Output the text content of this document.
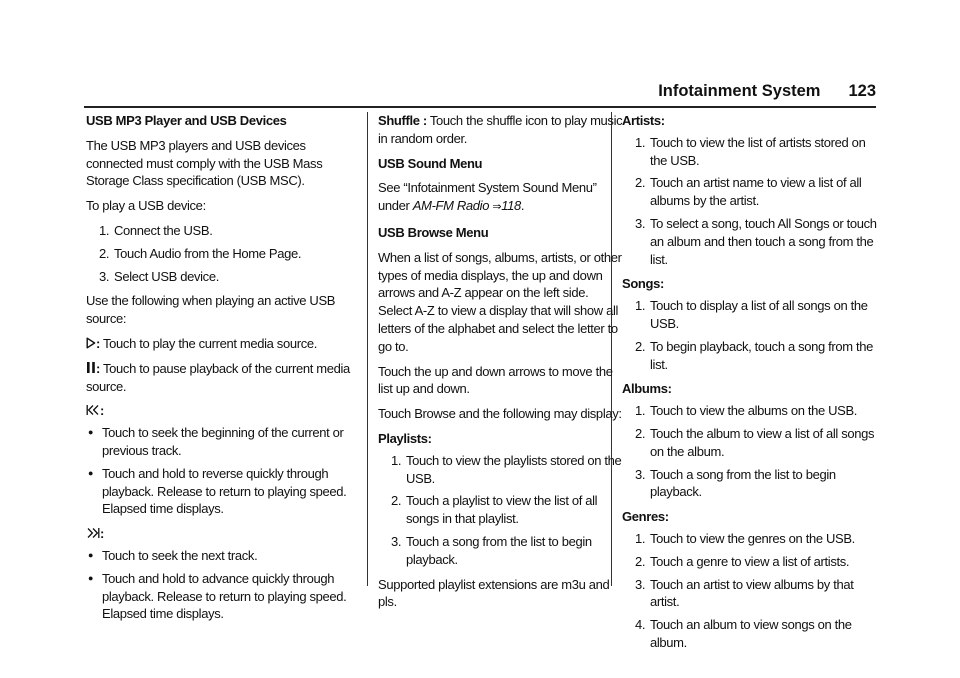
Infotainment System 123
USB MP3 Player and USB Devices

The USB MP3 players and USB devices connected must comply with the USB Mass Storage Class specification (USB MSC).

To play a USB device:

1. Connect the USB.
2. Touch Audio from the Home Page.
3. Select USB device.

Use the following when playing an active USB source:

: Touch to play the current media source.

: Touch to pause playback of the current media source.

:

● Touch to seek the beginning of the current or previous track.
● Touch and hold to reverse quickly through playback. Release to return to playing speed. Elapsed time displays.

:

● Touch to seek the next track.
● Touch and hold to advance quickly through playback. Release to return to playing speed. Elapsed time displays.

Shuffle : Touch the shuffle icon to play music in random order.

USB Sound Menu

See “Infotainment System Sound Menu” under AM-FM Radio ⇒118.

USB Browse Menu

When a list of songs, albums, artists, or other types of media displays, the up and down arrows and A-Z appear on the left side. Select A-Z to view a display that will show all letters of the alphabet and select the letter to go to.

Touch the up and down arrows to move the list up and down.

Touch Browse and the following may display:

Playlists:
1. Touch to view the playlists stored on the USB.
2. Touch a playlist to view the list of all songs in that playlist.
3. Touch a song from the list to begin playback.

Supported playlist extensions are m3u and pls.

Artists:
1. Touch to view the list of artists stored on the USB.
2. Touch an artist name to view a list of all albums by the artist.
3. To select a song, touch All Songs or touch an album and then touch a song from the list.
Songs:
1. Touch to display a list of all songs on the USB.
2. To begin playback, touch a song from the list.
Albums:
1. Touch to view the albums on the USB.
2. Touch the album to view a list of all songs on the album.
3. Touch a song from the list to begin playback.
Genres:
1. Touch to view the genres on the USB.
2. Touch a genre to view a list of artists.
3. Touch an artist to view albums by that artist.
4. Touch an album to view songs on the album.
